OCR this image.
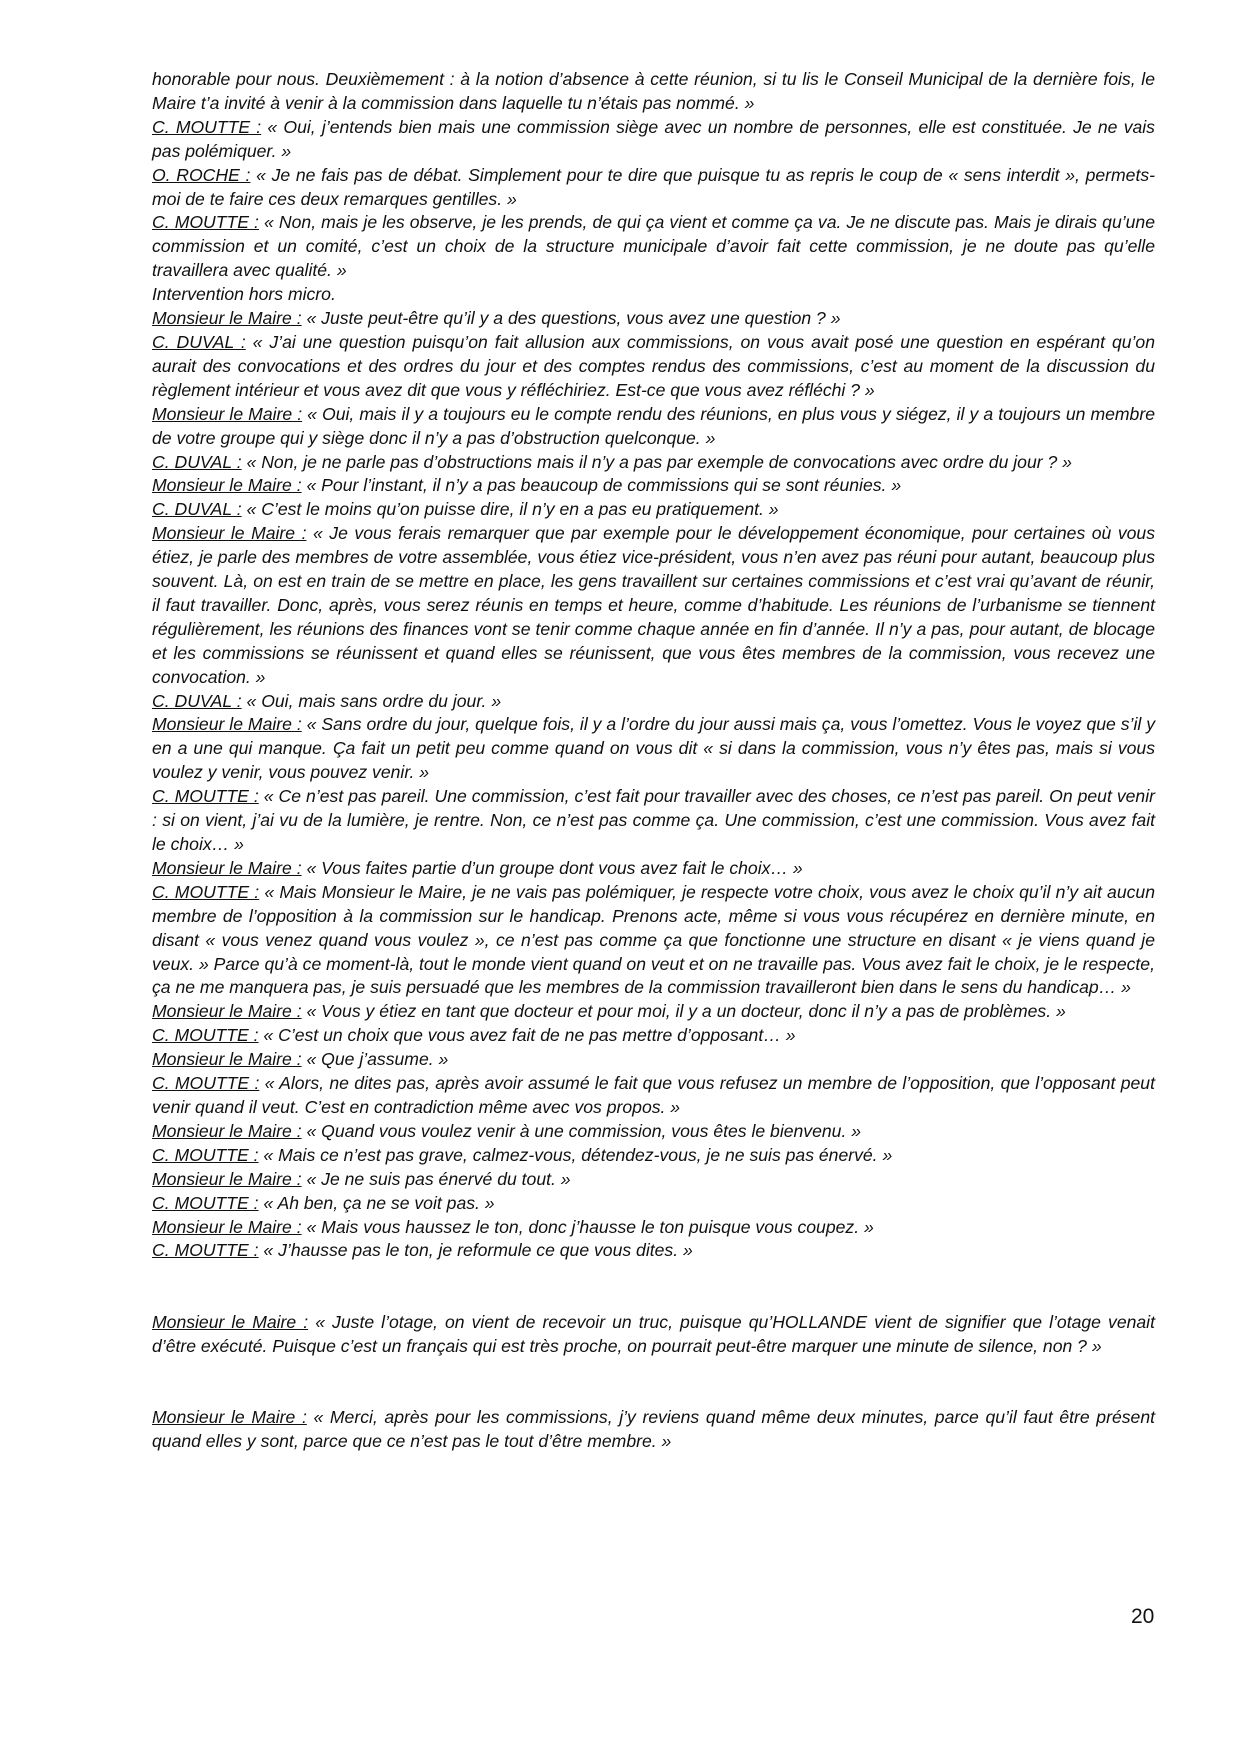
honorable pour nous. Deuxièmement : à la notion d’absence à cette réunion, si tu lis le Conseil Municipal de la dernière fois, le Maire t’a invité à venir à la commission dans laquelle tu n’étais pas nommé. »

C. MOUTTE : « Oui, j’entends bien mais une commission siège avec un nombre de personnes, elle est constituée. Je ne vais pas polémiquer. »

O. ROCHE : « Je ne fais pas de débat. Simplement pour te dire que puisque tu as repris le coup de « sens interdit », permets-moi de te faire ces deux remarques gentilles. »

C. MOUTTE : « Non, mais je les observe, je les prends, de qui ça vient et comme ça va. Je ne discute pas. Mais je dirais qu’une commission et un comité, c’est un choix de la structure municipale d’avoir fait cette commission, je ne doute pas qu’elle travaillera avec qualité. »

Intervention hors micro.

Monsieur le Maire : « Juste peut-être qu’il y a des questions, vous avez une question ? »

C. DUVAL : « J’ai une question puisqu’on fait allusion aux commissions, on vous avait posé une question en espérant qu’on aurait des convocations et des ordres du jour et des comptes rendus des commissions, c’est au moment de la discussion du règlement intérieur et vous avez dit que vous y réfléchiriez. Est-ce que vous avez réfléchi ? »

Monsieur le Maire : « Oui, mais il y a toujours eu le compte rendu des réunions, en plus vous y siégez, il y a toujours un membre de votre groupe qui y siège donc il n’y a pas d’obstruction quelconque. »

C. DUVAL : « Non, je ne parle pas d’obstructions mais il n’y a pas par exemple de convocations avec ordre du jour ? »

Monsieur le Maire : « Pour l’instant, il n’y a pas beaucoup de commissions qui se sont réunies. »

C. DUVAL : « C’est le moins qu’on puisse dire, il n’y en a pas eu pratiquement. »

Monsieur le Maire : « Je vous ferais remarquer que par exemple pour le développement économique, pour certaines où vous étiez, je parle des membres de votre assemblée, vous étiez vice-président, vous n’en avez pas réuni pour autant, beaucoup plus souvent. Là, on est en train de se mettre en place, les gens travaillent sur certaines commissions et c’est vrai qu’avant de réunir, il faut travailler. Donc, après, vous serez réunis en temps et heure, comme d’habitude. Les réunions de l’urbanisme se tiennent régulièrement, les réunions des finances vont se tenir comme chaque année en fin d’année. Il n’y a pas, pour autant, de blocage et les commissions se réunissent et quand elles se réunissent, que vous êtes membres de la commission, vous recevez une convocation. »

C. DUVAL : « Oui, mais sans ordre du jour. »

Monsieur le Maire : « Sans ordre du jour, quelque fois, il y a l’ordre du jour aussi mais ça, vous l’omettez. Vous le voyez que s’il y en a une qui manque. Ça fait un petit peu comme quand on vous dit « si dans la commission, vous n’y êtes pas, mais si vous voulez y venir, vous pouvez venir. »

C. MOUTTE : « Ce n’est pas pareil. Une commission, c’est fait pour travailler avec des choses, ce n’est pas pareil. On peut venir : si on vient, j’ai vu de la lumière, je rentre. Non, ce n’est pas comme ça. Une commission, c’est une commission. Vous avez fait le choix… »

Monsieur le Maire : « Vous faites partie d’un groupe dont vous avez fait le choix… »

C. MOUTTE : « Mais Monsieur le Maire, je ne vais pas polémiquer, je respecte votre choix, vous avez le choix qu’il n’y ait aucun membre de l’opposition à la commission sur le handicap. Prenons acte, même si vous vous récupérez en dernière minute, en disant « vous venez quand vous voulez », ce n’est pas comme ça que fonctionne une structure en disant « je viens quand je veux. » Parce qu’à ce moment-là, tout le monde vient quand on veut et on ne travaille pas. Vous avez fait le choix, je le respecte, ça ne me manquera pas, je suis persuadé que les membres de la commission travailleront bien dans le sens du handicap… »

Monsieur le Maire : « Vous y étiez en tant que docteur et pour moi, il y a un docteur, donc il n’y a pas de problèmes. »

C. MOUTTE : « C’est un choix que vous avez fait de ne pas mettre d’opposant… »

Monsieur le Maire : « Que j’assume. »

C. MOUTTE : « Alors, ne dites pas, après avoir assumé le fait que vous refusez un membre de l’opposition, que l’opposant peut venir quand il veut. C’est en contradiction même avec vos propos. »

Monsieur le Maire : « Quand vous voulez venir à une commission, vous êtes le bienvenu. »

C. MOUTTE : « Mais ce n’est pas grave, calmez-vous, détendez-vous, je ne suis pas énervé. »

Monsieur le Maire : « Je ne suis pas énervé du tout. »

C. MOUTTE : « Ah ben, ça ne se voit pas. »

Monsieur le Maire : « Mais vous haussez le ton, donc j’hausse le ton puisque vous coupez. »

C. MOUTTE : « J’hausse pas le ton, je reformule ce que vous dites. »

Monsieur le Maire : « Juste l’otage, on vient de recevoir un truc, puisque qu’HOLLANDE vient de signifier que l’otage venait d’être exécuté. Puisque c’est un français qui est très proche, on pourrait peut-être marquer une minute de silence, non ? »

Monsieur le Maire : « Merci, après pour les commissions, j’y reviens quand même deux minutes, parce qu’il faut être présent quand elles y sont, parce que ce n’est pas le tout d’être membre. »

20
